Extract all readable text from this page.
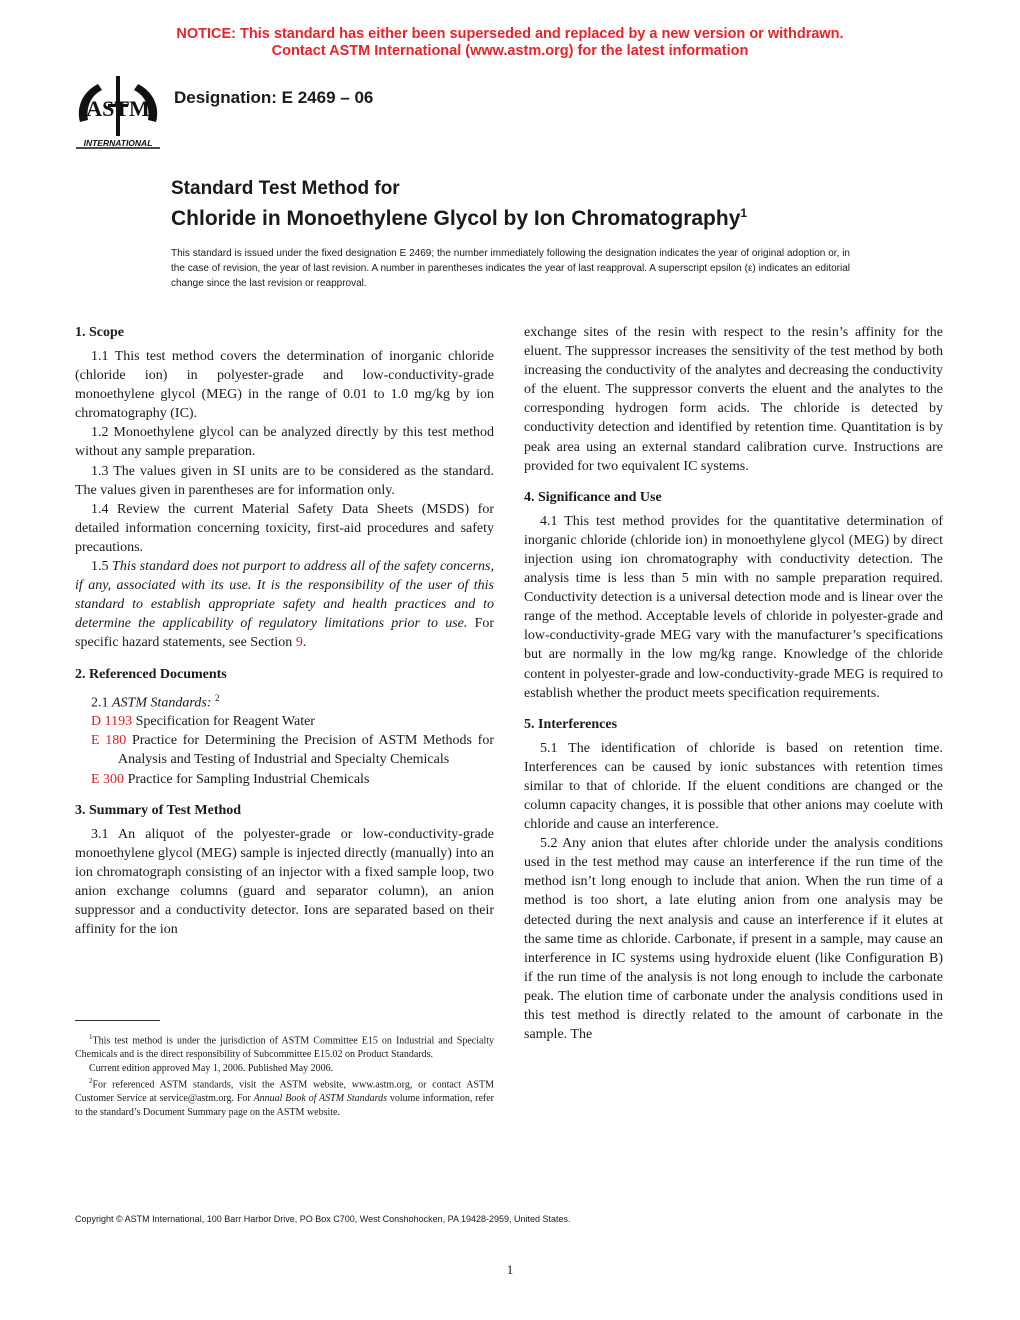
NOTICE: This standard has either been superseded and replaced by a new version or withdrawn.
Contact ASTM International (www.astm.org) for the latest information
ASTM
INTERNATIONAL
Designation: E 2469 – 06
Standard Test Method for
Chloride in Monoethylene Glycol by Ion Chromatography$^1$
This standard is issued under the fixed designation E 2469; the number immediately following the designation indicates the year of original adoption or, in the case of revision, the year of last revision. A number in parentheses indicates the year of last reapproval. A superscript epsilon (ε) indicates an editorial change since the last revision or reapproval.
1. Scope

1.1 This test method covers the determination of inorganic chloride (chloride ion) in polyester-grade and low-conductivity-grade monoethylene glycol (MEG) in the range of 0.01 to 1.0 mg/kg by ion chromatography (IC).

1.2 Monoethylene glycol can be analyzed directly by this test method without any sample preparation.

1.3 The values given in SI units are to be considered as the standard. The values given in parentheses are for information only.

1.4 Review the current Material Safety Data Sheets (MSDS) for detailed information concerning toxicity, first-aid procedures and safety precautions.

1.5 This standard does not purport to address all of the safety concerns, if any, associated with its use. It is the responsibility of the user of this standard to establish appropriate safety and health practices and to determine the applicability of regulatory limitations prior to use. For specific hazard statements, see Section 9.

2. Referenced Documents

2.1 ASTM Standards: $^2$

D 1193 Specification for Reagent Water

E 180 Practice for Determining the Precision of ASTM Methods for Analysis and Testing of Industrial and Specialty Chemicals

E 300 Practice for Sampling Industrial Chemicals

3. Summary of Test Method

3.1 An aliquot of the polyester-grade or low-conductivity-grade monoethylene glycol (MEG) sample is injected directly (manually) into an ion chromatograph consisting of an injector with a fixed sample loop, two anion exchange columns (guard and separator column), an anion suppressor and a conductivity detector. Ions are separated based on their affinity for the ion

$^1$This test method is under the jurisdiction of ASTM Committee E15 on Industrial and Specialty Chemicals and is the direct responsibility of Subcommittee E15.02 on Product Standards.

Current edition approved May 1, 2006. Published May 2006.

$^2$For referenced ASTM standards, visit the ASTM website, www.astm.org, or contact ASTM Customer Service at service@astm.org. For Annual Book of ASTM Standards volume information, refer to the standard’s Document Summary page on the ASTM website.

exchange sites of the resin with respect to the resin’s affinity for the eluent. The suppressor increases the sensitivity of the test method by both increasing the conductivity of the analytes and decreasing the conductivity of the eluent. The suppressor converts the eluent and the analytes to the corresponding hydrogen form acids. The chloride is detected by conductivity detection and identified by retention time. Quantitation is by peak area using an external standard calibration curve. Instructions are provided for two equivalent IC systems.

4. Significance and Use

4.1 This test method provides for the quantitative determination of inorganic chloride (chloride ion) in monoethylene glycol (MEG) by direct injection using ion chromatography with conductivity detection. The analysis time is less than 5 min with no sample preparation required. Conductivity detection is a universal detection mode and is linear over the range of the method. Acceptable levels of chloride in polyester-grade and low-conductivity-grade MEG vary with the manufacturer’s specifications but are normally in the low mg/kg range. Knowledge of the chloride content in polyester-grade and low-conductivity-grade MEG is required to establish whether the product meets specification requirements.

5. Interferences

5.1 The identification of chloride is based on retention time. Interferences can be caused by ionic substances with retention times similar to that of chloride. If the eluent conditions are changed or the column capacity changes, it is possible that other anions may coelute with chloride and cause an interference.

5.2 Any anion that elutes after chloride under the analysis conditions used in the test method may cause an interference if the run time of the method isn’t long enough to include that anion. When the run time of a method is too short, a late eluting anion from one analysis may be detected during the next analysis and cause an interference if it elutes at the same time as chloride. Carbonate, if present in a sample, may cause an interference in IC systems using hydroxide eluent (like Configuration B) if the run time of the analysis is not long enough to include the carbonate peak. The elution time of carbonate under the analysis conditions used in this test method is directly related to the amount of carbonate in the sample. The

Copyright © ASTM International, 100 Barr Harbor Drive, PO Box C700, West Conshohocken, PA 19428-2959, United States.
1
